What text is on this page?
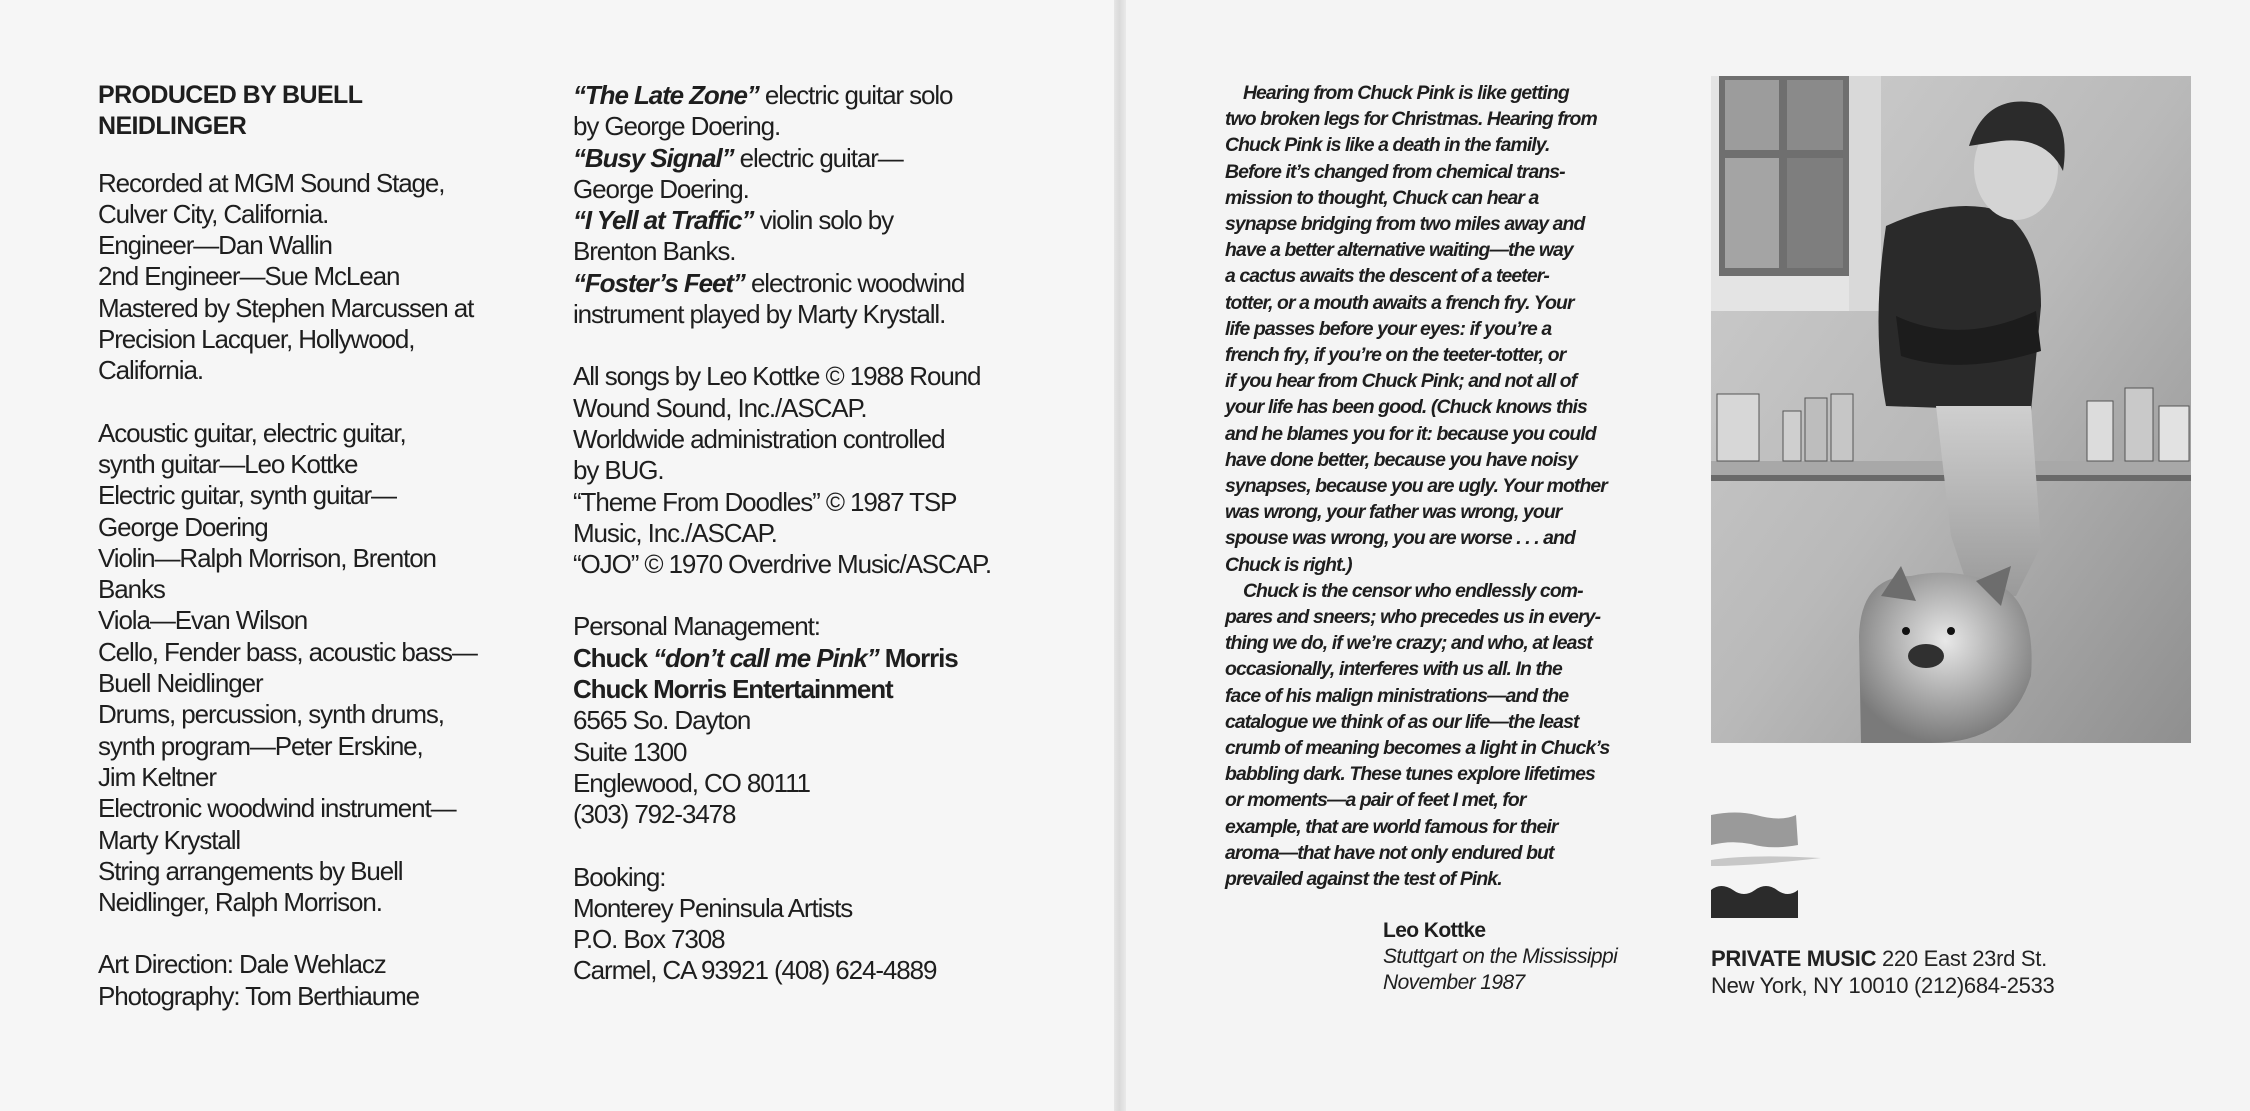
PRODUCED BY BUELL NEIDLINGER
Recorded at MGM Sound Stage,
Culver City, California.
Engineer—Dan Wallin
2nd Engineer—Sue McLean
Mastered by Stephen Marcussen at
Precision Lacquer, Hollywood,
California.
Acoustic guitar, electric guitar,
synth guitar—Leo Kottke
Electric guitar, synth guitar—
George Doering
Violin—Ralph Morrison, Brenton
Banks
Viola—Evan Wilson
Cello, Fender bass, acoustic bass—
Buell Neidlinger
Drums, percussion, synth drums,
synth program—Peter Erskine,
Jim Keltner
Electronic woodwind instrument—
Marty Krystall
String arrangements by Buell
Neidlinger, Ralph Morrison.
Art Direction: Dale Wehlacz
Photography: Tom Berthiaume
“The Late Zone” electric guitar solo
by George Doering.
“Busy Signal” electric guitar—
George Doering.
“I Yell at Traffic” violin solo by
Brenton Banks.
“Foster’s Feet” electronic woodwind
instrument played by Marty Krystall.
All songs by Leo Kottke © 1988 Round
Wound Sound, Inc./ASCAP.
Worldwide administration controlled
by BUG.
“Theme From Doodles” © 1987 TSP
Music, Inc./ASCAP.
“OJO” © 1970 Overdrive Music/ASCAP.
Personal Management:
Chuck “don’t call me Pink” Morris
Chuck Morris Entertainment
6565 So. Dayton
Suite 1300
Englewood, CO 80111
(303) 792-3478
Booking:
Monterey Peninsula Artists
P.O. Box 7308
Carmel, CA 93921 (408) 624-4889
Hearing from Chuck Pink is like getting
two broken legs for Christmas. Hearing from
Chuck Pink is like a death in the family.
Before it’s changed from chemical trans-
mission to thought, Chuck can hear a
synapse bridging from two miles away and
have a better alternative waiting—the way
a cactus awaits the descent of a teeter-
totter, or a mouth awaits a french fry. Your
life passes before your eyes: if you’re a
french fry, if you’re on the teeter-totter, or
if you hear from Chuck Pink; and not all of
your life has been good. (Chuck knows this
and he blames you for it: because you could
have done better, because you have noisy
synapses, because you are ugly. Your mother
was wrong, your father was wrong, your
spouse was wrong, you are worse . . . and
Chuck is right.)
Chuck is the censor who endlessly com-
pares and sneers; who precedes us in every-
thing we do, if we’re crazy; and who, at least
occasionally, interferes with us all. In the
face of his malign ministrations—and the
catalogue we think of as our life—the least
crumb of meaning becomes a light in Chuck’s
babbling dark. These tunes explore lifetimes
or moments—a pair of feet I met, for
example, that are world famous for their
aroma—that have not only endured but
prevailed against the test of Pink.
Leo Kottke
Stuttgart on the Mississippi
November 1987
PRIVATE MUSIC 220 East 23rd St.
New York, NY 10010 (212)684-2533
